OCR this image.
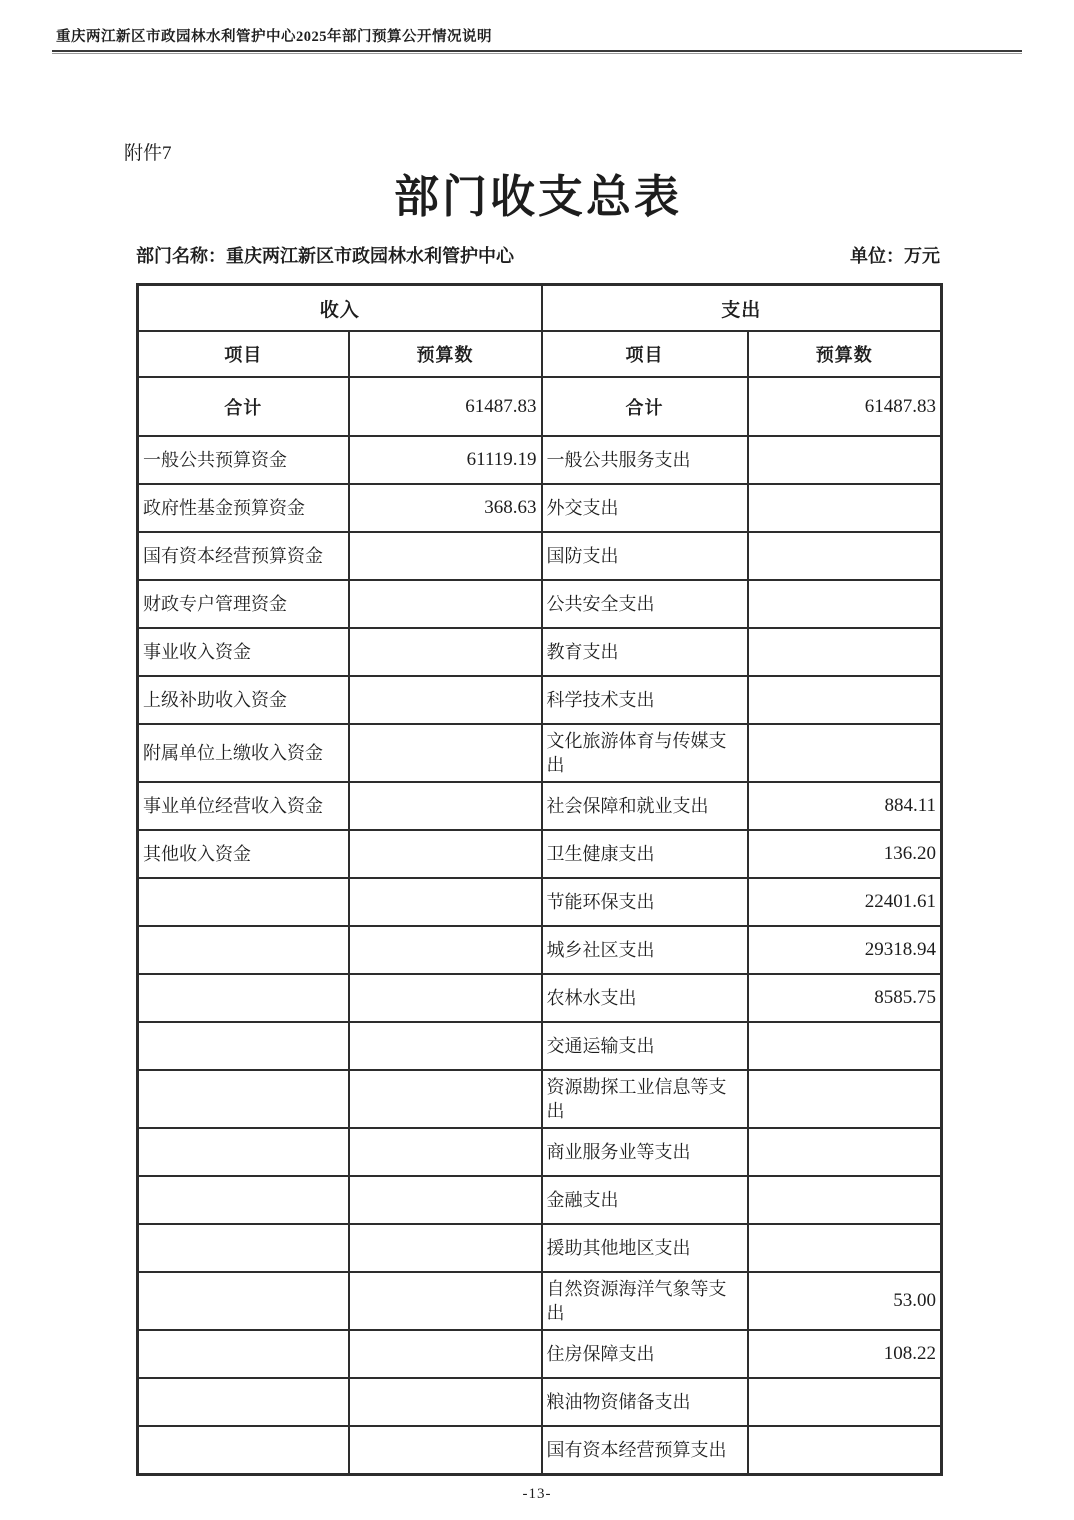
重庆两江新区市政园林水利管护中心2025年部门预算公开情况说明
附件7
部门收支总表
部门名称：重庆两江新区市政园林水利管护中心	单位：万元
收入		支出	
项目	预算数	项目	预算数
合计	61487.83	合计	61487.83
一般公共预算资金	61119.19	一般公共服务支出	
政府性基金预算资金	368.63	外交支出	
国有资本经营预算资金		国防支出	
财政专户管理资金		公共安全支出	
事业收入资金		教育支出	
上级补助收入资金		科学技术支出	
附属单位上缴收入资金		文化旅游体育与传媒支出	
事业单位经营收入资金		社会保障和就业支出	884.11
其他收入资金		卫生健康支出	136.20
		节能环保支出	22401.61
		城乡社区支出	29318.94
		农林水支出	8585.75
		交通运输支出	
		资源勘探工业信息等支出	
		商业服务业等支出	
		金融支出	
		援助其他地区支出	
		自然资源海洋气象等支出	53.00
		住房保障支出	108.22
		粮油物资储备支出	
		国有资本经营预算支出	
-13-
